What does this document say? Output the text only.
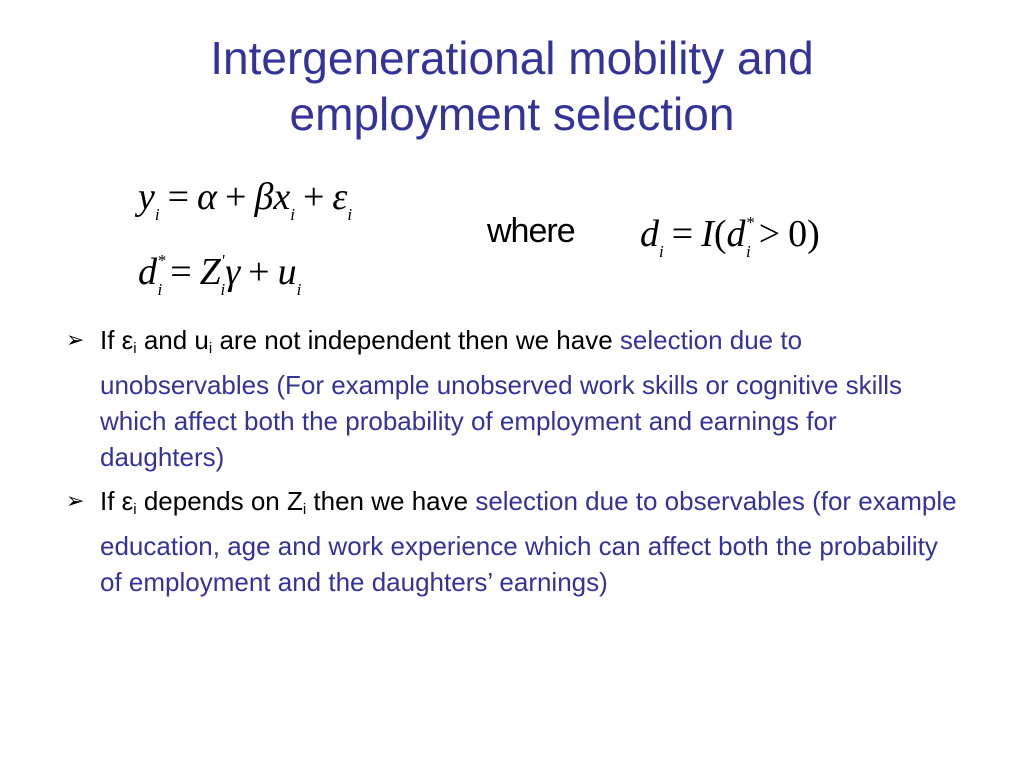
Intergenerational mobility and
employment selection
$y_i = \alpha + \beta x_i + \varepsilon_i$
$d^*_i = Z'_i\gamma + u_i$
where $d_i = I(d^*_i > 0)$
➢ If $\varepsilon_i$ and $u_i$ are not independent then we have selection due to unobservables (For example unobserved work skills or cognitive skills which affect both the probability of employment and earnings for daughters)
➢ If $\varepsilon_i$ depends on $Z_i$ then we have selection due to observables (for example education, age and work experience which can affect both the probability of employment and the daughters’ earnings)
